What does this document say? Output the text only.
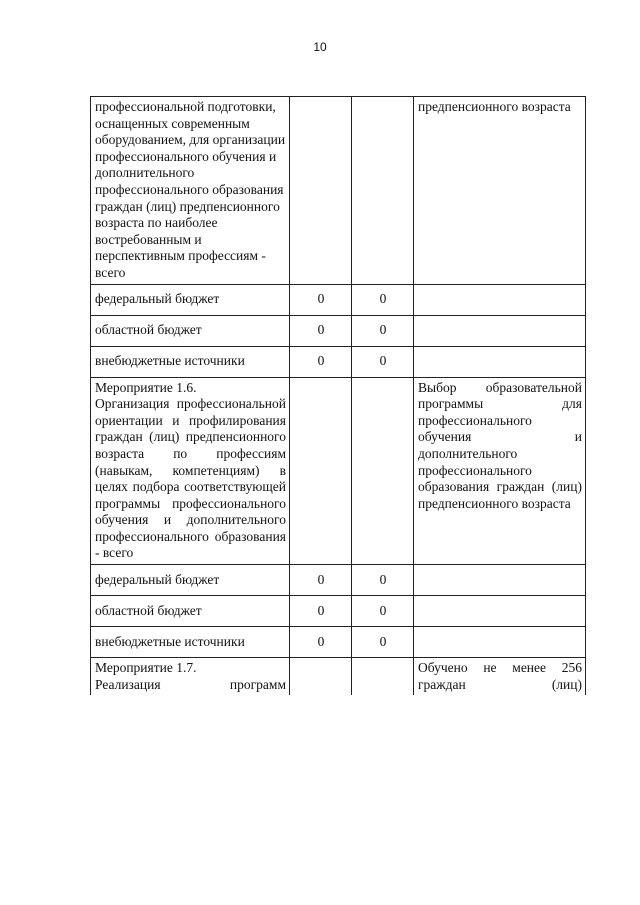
10
профессиональной подготовки, оснащенных современным оборудованием, для организации профессионального обучения и дополнительного профессионального образования граждан (лиц) предпенсионного возраста по наиболее востребованным и перспективным профессиям - всего			предпенсионного возраста
федеральный бюджет	0	0	
областной бюджет	0	0	
внебюджетные источники	0	0	

Мероприятие 1.6.
Организация профессиональной ориентации и профилирования граждан (лиц) предпенсионного возраста по профессиям (навыкам, компетенциям) в целях подбора соответствующей программы профессионального обучения и дополнительного профессионального образования - всего			Выбор образовательной программы для профессионального обучения и дополнительного профессионального образования граждан (лиц) предпенсионного возраста
федеральный бюджет	0	0	
областной бюджет	0	0	
внебюджетные источники	0	0	

Мероприятие 1.7.
Реализация программ			Обучено не менее 256 граждан (лиц)
